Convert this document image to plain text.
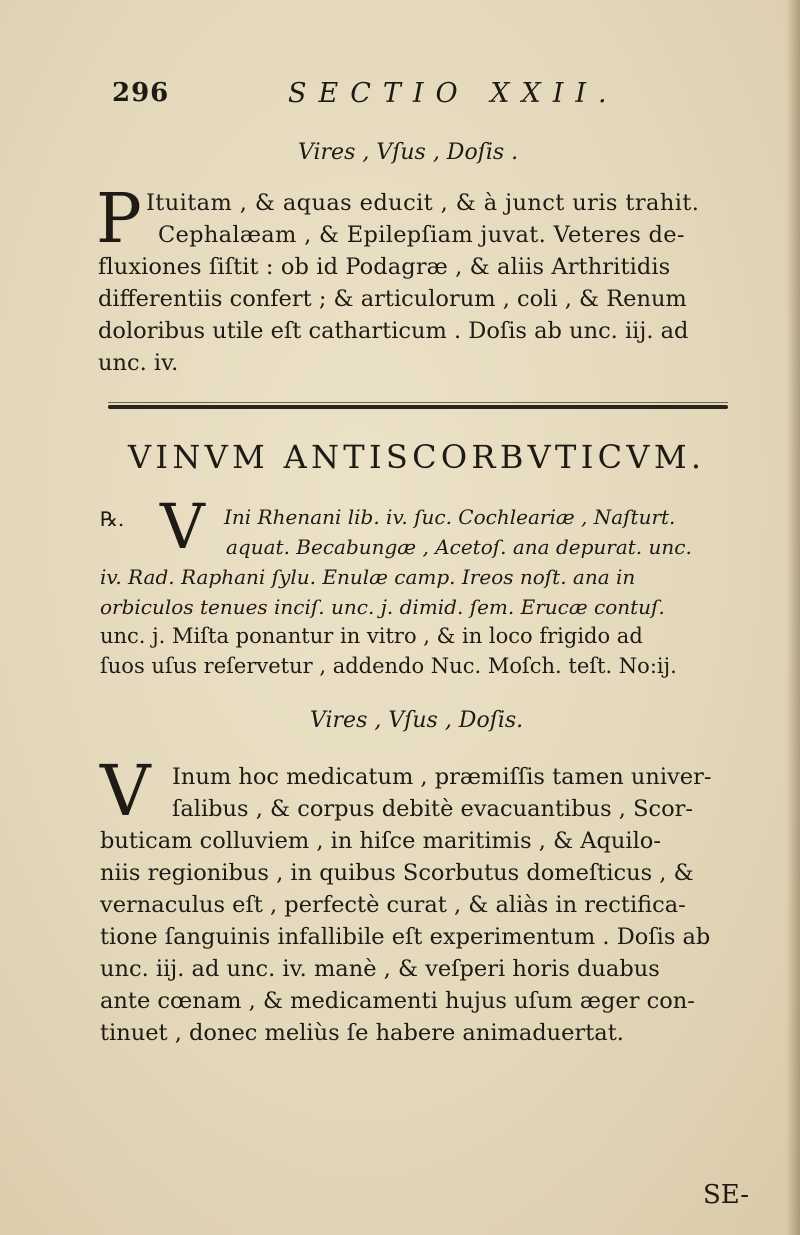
296	SECTIO XXII.
Vires , Vſus , Doſis .
P Ituitam , & aquas educit , & à junct uris trahit.
Cephalæam , & Epilepſiam juvat. Veteres de-
fluxiones ſiſtit : ob id Podagræ , & aliis Arthritidis
differentiis confert ; & articulorum , coli , & Renum
doloribus utile eſt catharticum . Doſis ab unc. iij. ad
unc. iv.
VINVM ANTISCORBVTICVM.
℞. V Ini Rhenani lib. iv. ſuc. Cochleariæ , Naſturt.
aquat. Becabungæ , Acetoſ. ana depurat. unc.
iv. Rad. Raphani ſylu. Enulæ camp. Ireos noſt. ana in
orbiculos tenues inciſ. unc. j. dimid. ſem. Erucæ contuſ.
unc. j. Miſta ponantur in vitro , & in loco frigido ad
ſuos uſus reſervetur , addendo Nuc. Moſch. teſt. No:ij.
Vires , Vſus , Doſis.
V Inum hoc medicatum , præmiſſis tamen univer-
ſalibus , & corpus debitè evacuantibus , Scor-
buticam colluviem , in hiſce maritimis , & Aquilo-
niis regionibus , in quibus Scorbutus domeſticus , &
vernaculus eſt , perfectè curat , & aliàs in rectifica-
tione ſanguinis infallibile eſt experimentum . Doſis ab
unc. iij. ad unc. iv. manè , & veſperi horis duabus
ante cœnam , & medicamenti hujus uſum æger con-
tinuet , donec meliùs ſe habere animaduertat.
SE-
